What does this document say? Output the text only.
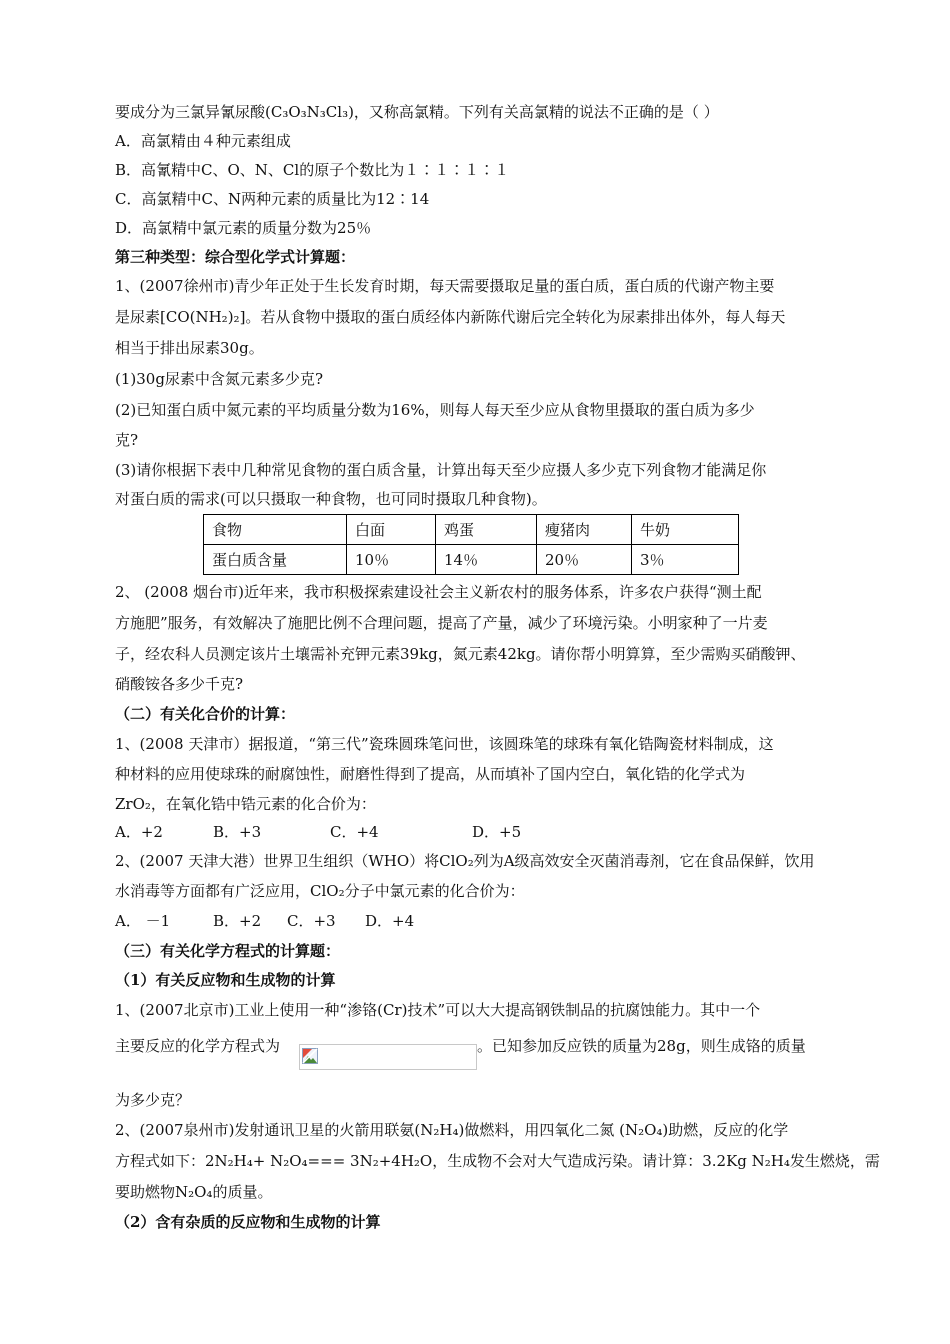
要成分为三氯异氰尿酸(C₃O₃N₃Cl₃)，又称高氯精。下列有关高氯精的说法不正确的是（ ）
A．高氯精由４种元素组成
B．高氰精中C、O、N、Cl的原子个数比为１∶１∶１∶１
C．高氯精中C、N两种元素的质量比为12∶14
D．高氯精中氯元素的质量分数为25％
第三种类型：综合型化学式计算题：
1、(2007徐州市)青少年正处于生长发育时期，每天需要摄取足量的蛋白质，蛋白质的代谢产物主要
是尿素[CO(NH₂)₂]。若从食物中摄取的蛋白质经体内新陈代谢后完全转化为尿素排出体外，每人每天
相当于排出尿素30g。
(1)30g尿素中含氮元素多少克?
(2)已知蛋白质中氮元素的平均质量分数为16%，则每人每天至少应从食物里摄取的蛋白质为多少
克?
(3)请你根据下表中几种常见食物的蛋白质含量，计算出每天至少应摄人多少克下列食物才能满足你
对蛋白质的需求(可以只摄取一种食物，也可同时摄取几种食物)。
食物	白面	鸡蛋	瘦猪肉	牛奶
蛋白质含量	10％	14％	20％	3％
2、 (2008 烟台市)近年来，我市积极探索建设社会主义新农村的服务体系，许多农户获得“测土配
方施肥”服务，有效解决了施肥比例不合理问题，提高了产量，减少了环境污染。小明家种了一片麦
子，经农科人员测定该片土壤需补充钾元素39kg，氮元素42kg。请你帮小明算算，至少需购买硝酸钾、
硝酸铵各多少千克?
（二）有关化合价的计算：
1、(2008 天津市）据报道，“第三代”瓷珠圆珠笔问世，该圆珠笔的球珠有氧化锆陶瓷材料制成，这
种材料的应用使球珠的耐腐蚀性，耐磨性得到了提高，从而填补了国内空白，氧化锆的化学式为
ZrO₂，在氧化锆中锆元素的化合价为：
A．+2	B．+3	C．+4	D．+5
2、(2007 天津大港）世界卫生组织（WHO）将ClO₂列为A级高效安全灭菌消毒剂，它在食品保鲜，饮用
水消毒等方面都有广泛应用，ClO₂分子中氯元素的化合价为：
A． －1	B．+2 C．+3 D．+4
（三）有关化学方程式的计算题：
（1）有关反应物和生成物的计算
1、(2007北京市)工业上使用一种“渗铬(Cr)技术”可以大大提高钢铁制品的抗腐蚀能力。其中一个
主要反应的化学方程式为	。已知参加反应铁的质量为28g，则生成铬的质量
为多少克？
2、(2007泉州市)发射通讯卫星的火箭用联氨(N₂H₄)做燃料，用四氧化二氮 (N₂O₄)助燃，反应的化学
方程式如下：2N₂H₄+ N₂O₄=== 3N₂+4H₂O，生成物不会对大气造成污染。请计算：3.2Kg N₂H₄发生燃烧，需
要助燃物N₂O₄的质量。
（2）含有杂质的反应物和生成物的计算
